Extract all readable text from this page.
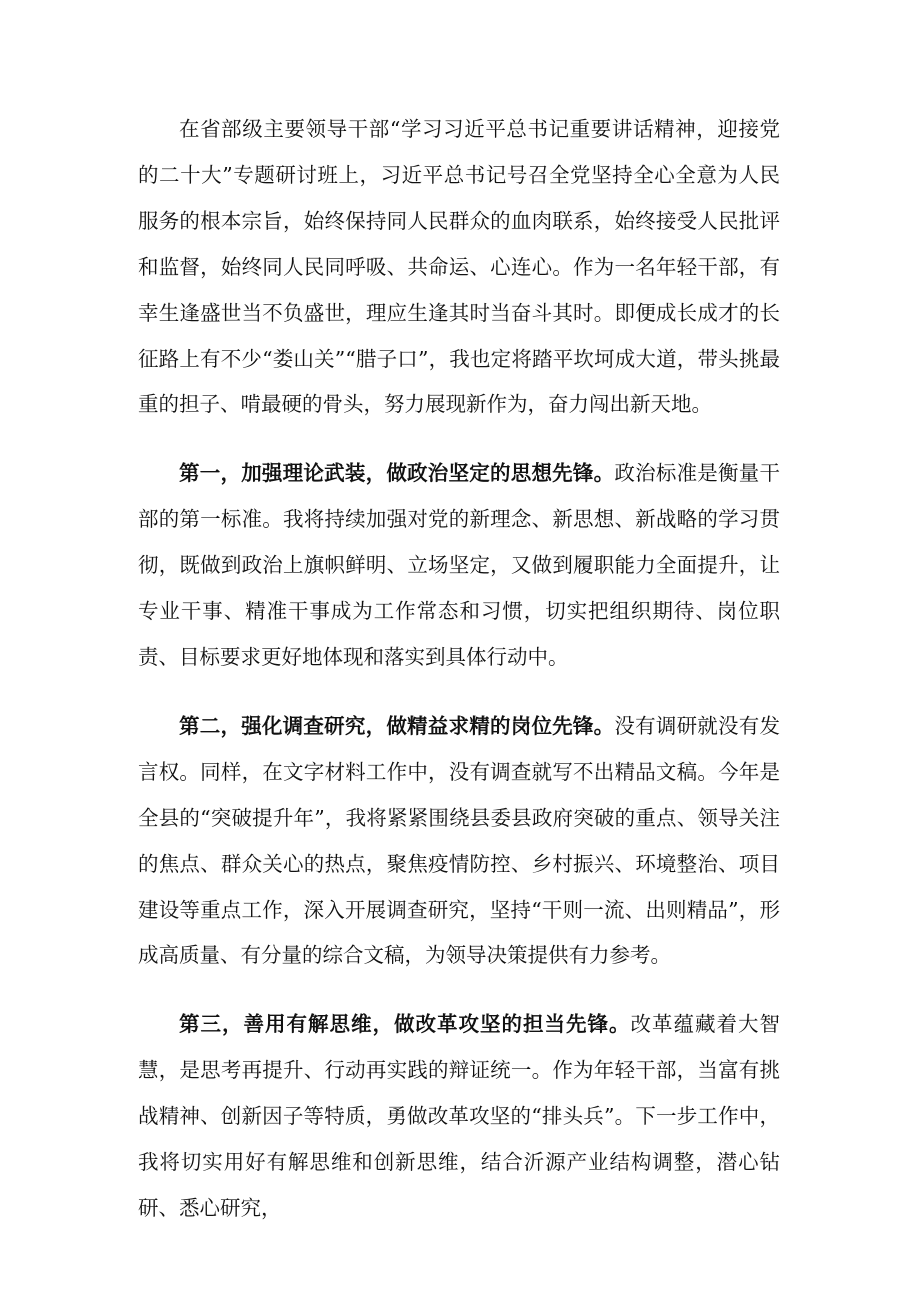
在省部级主要领导干部“学习习近平总书记重要讲话精神，迎接党的二十大”专题研讨班上，习近平总书记号召全党坚持全心全意为人民服务的根本宗旨，始终保持同人民群众的血肉联系，始终接受人民批评和监督，始终同人民同呼吸、共命运、心连心。作为一名年轻干部，有幸生逢盛世当不负盛世，理应生逢其时当奋斗其时。即便成长成才的长征路上有不少“娄山关”“腊子口”，我也定将踏平坎坷成大道，带头挑最重的担子、啃最硬的骨头，努力展现新作为，奋力闯出新天地。

第一，加强理论武装，做政治坚定的思想先锋。政治标准是衡量干部的第一标准。我将持续加强对党的新理念、新思想、新战略的学习贯彻，既做到政治上旗帜鲜明、立场坚定，又做到履职能力全面提升，让专业干事、精准干事成为工作常态和习惯，切实把组织期待、岗位职责、目标要求更好地体现和落实到具体行动中。

第二，强化调查研究，做精益求精的岗位先锋。没有调研就没有发言权。同样，在文字材料工作中，没有调查就写不出精品文稿。今年是全县的“突破提升年”，我将紧紧围绕县委县政府突破的重点、领导关注的焦点、群众关心的热点，聚焦疫情防控、乡村振兴、环境整治、项目建设等重点工作，深入开展调查研究，坚持“干则一流、出则精品”，形成高质量、有分量的综合文稿，为领导决策提供有力参考。

第三，善用有解思维，做改革攻坚的担当先锋。改革蕴藏着大智慧，是思考再提升、行动再实践的辩证统一。作为年轻干部，当富有挑战精神、创新因子等特质，勇做改革攻坚的“排头兵”。下一步工作中，我将切实用好有解思维和创新思维，结合沂源产业结构调整，潜心钻研、悉心研究，
